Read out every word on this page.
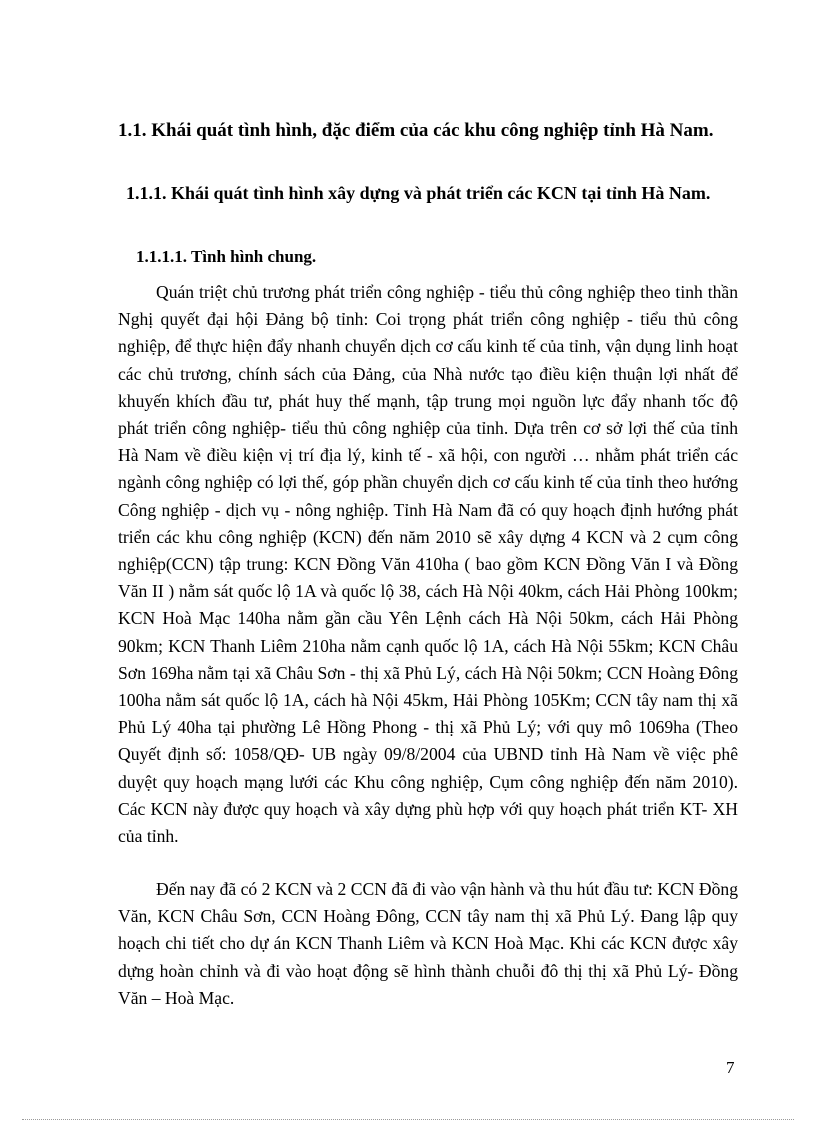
1.1. Khái quát tình hình, đặc điểm của các khu công nghiệp tỉnh Hà Nam.
1.1.1. Khái quát tình hình xây dựng và phát triển các KCN tại tỉnh Hà Nam.
1.1.1.1. Tình hình chung.

Quán triệt chủ trương phát triển công nghiệp - tiểu thủ công nghiệp theo tinh thần Nghị quyết đại hội Đảng bộ tỉnh: Coi trọng phát triển công nghiệp - tiểu thủ công nghiệp, để thực hiện đẩy nhanh chuyển dịch cơ cấu kinh tế của tỉnh, vận dụng linh hoạt các chủ trương, chính sách của Đảng, của Nhà nước tạo điều kiện thuận lợi nhất để khuyến khích đầu tư, phát huy thế mạnh, tập trung mọi nguồn lực đẩy nhanh tốc độ phát triển công nghiệp- tiểu thủ công nghiệp của tỉnh. Dựa trên cơ sở lợi thế của tỉnh Hà Nam về điều kiện vị trí địa lý, kinh tế - xã hội, con người … nhằm phát triển các ngành công nghiệp có lợi thế, góp phần chuyển dịch cơ cấu kinh tế của tỉnh theo hướng Công nghiệp - dịch vụ - nông nghiệp. Tỉnh Hà Nam đã có quy hoạch định hướng phát triển các khu công nghiệp (KCN) đến năm 2010 sẽ xây dựng 4 KCN và 2 cụm công nghiệp(CCN) tập trung: KCN Đồng Văn 410ha ( bao gồm KCN Đồng Văn I và Đồng Văn II ) nằm sát quốc lộ 1A và quốc lộ 38, cách Hà Nội 40km, cách Hải Phòng 100km; KCN Hoà Mạc 140ha nằm gần cầu Yên Lệnh cách Hà Nội 50km, cách Hải Phòng 90km; KCN Thanh Liêm 210ha nằm cạnh quốc lộ 1A, cách Hà Nội 55km; KCN Châu Sơn 169ha nằm tại xã Châu Sơn - thị xã Phủ Lý, cách Hà Nội 50km; CCN Hoàng Đông 100ha nằm sát quốc lộ 1A, cách hà Nội 45km, Hải Phòng 105Km; CCN tây nam thị xã Phủ Lý 40ha tại phường Lê Hồng Phong - thị xã Phủ Lý; với quy mô 1069ha (Theo Quyết định số: 1058/QĐ- UB ngày 09/8/2004 của UBND tỉnh Hà Nam về việc phê duyệt quy hoạch mạng lưới các Khu công nghiệp, Cụm công nghiệp đến năm 2010). Các KCN này được quy hoạch và xây dựng phù hợp với quy hoạch phát triển KT- XH của tỉnh.

Đến nay đã có 2 KCN và 2 CCN đã đi vào vận hành và thu hút đầu tư: KCN Đồng Văn, KCN Châu Sơn, CCN Hoàng Đông, CCN tây nam thị xã Phủ Lý. Đang lập quy hoạch chi tiết cho dự án KCN Thanh Liêm và KCN Hoà Mạc. Khi các KCN được xây dựng hoàn chỉnh và đi vào hoạt động sẽ hình thành chuỗi đô thị thị xã Phủ Lý- Đồng Văn – Hoà Mạc.

7
